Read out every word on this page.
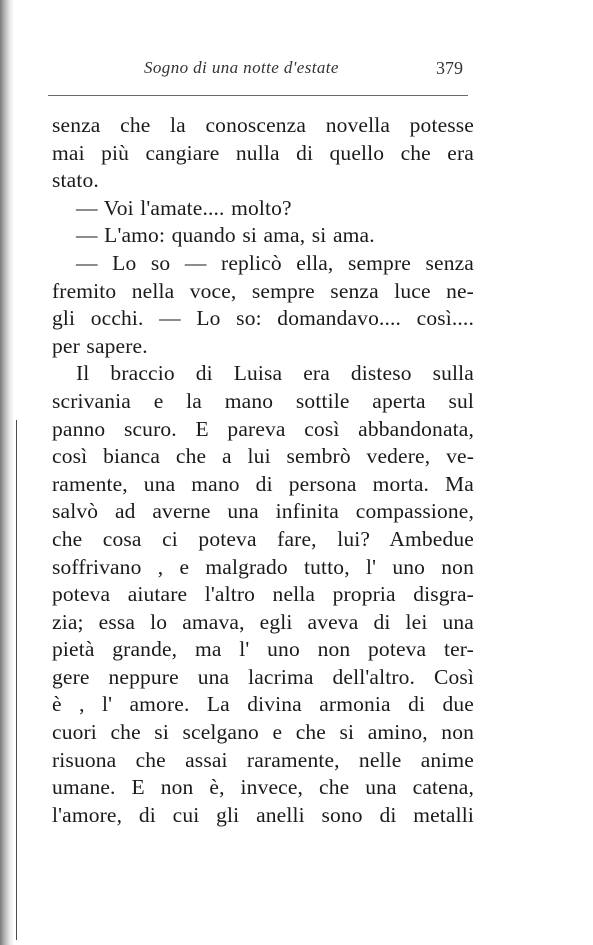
Sogno di una notte d'estate	379
senza che la conoscenza novella potesse
mai più cangiare nulla di quello che era
stato.
— Voi l'amate.... molto?
— L'amo: quando si ama, si ama.
— Lo so — replicò ella, sempre senza
fremito nella voce, sempre senza luce ne-
gli occhi. — Lo so: domandavo.... così....
per sapere.
Il braccio di Luisa era disteso sulla
scrivania e la mano sottile aperta sul
panno scuro. E pareva così abbandonata,
così bianca che a lui sembrò vedere, ve-
ramente, una mano di persona morta. Ma
salvò ad averne una infinita compassione,
che cosa ci poteva fare, lui? Ambedue
soffrivano , e malgrado tutto, l' uno non
poteva aiutare l'altro nella propria disgra-
zia; essa lo amava, egli aveva di lei una
pietà grande, ma l' uno non poteva ter-
gere neppure una lacrima dell'altro. Così
è , l' amore. La divina armonia di due
cuori che si scelgano e che si amino, non
risuona che assai raramente, nelle anime
umane. E non è, invece, che una catena,
l'amore, di cui gli anelli sono di metalli
